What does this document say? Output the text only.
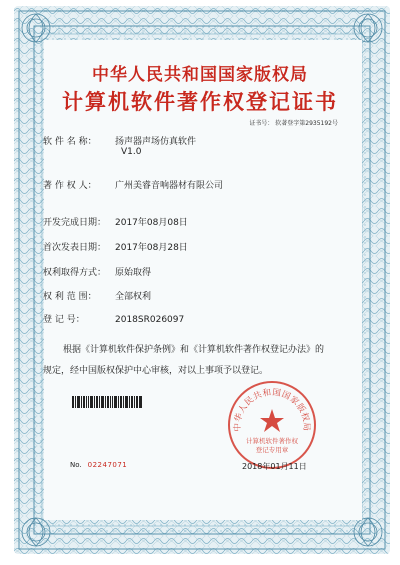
中华人民共和国国家版权局
计算机软件著作权登记证书
证书号： 软著登字第2935192号
软 件 名 称： 扬声器声场仿真软件
V1.0
著 作 权 人： 广州美睿音响器材有限公司
开发完成日期： 2017年08月08日
首次发表日期： 2017年08月28日
权利取得方式： 原始取得
权 利 范 围： 全部权利
登 记 号：	2018SR026097
根据《计算机软件保护条例》和《计算机软件著作权登记办法》的
规定，经中国版权保护中心审核，对以上事项予以登记。
中华人民共和国国家版权局
计算机软件著作权
登记专用章
No. 02247071	2018年01月11日
